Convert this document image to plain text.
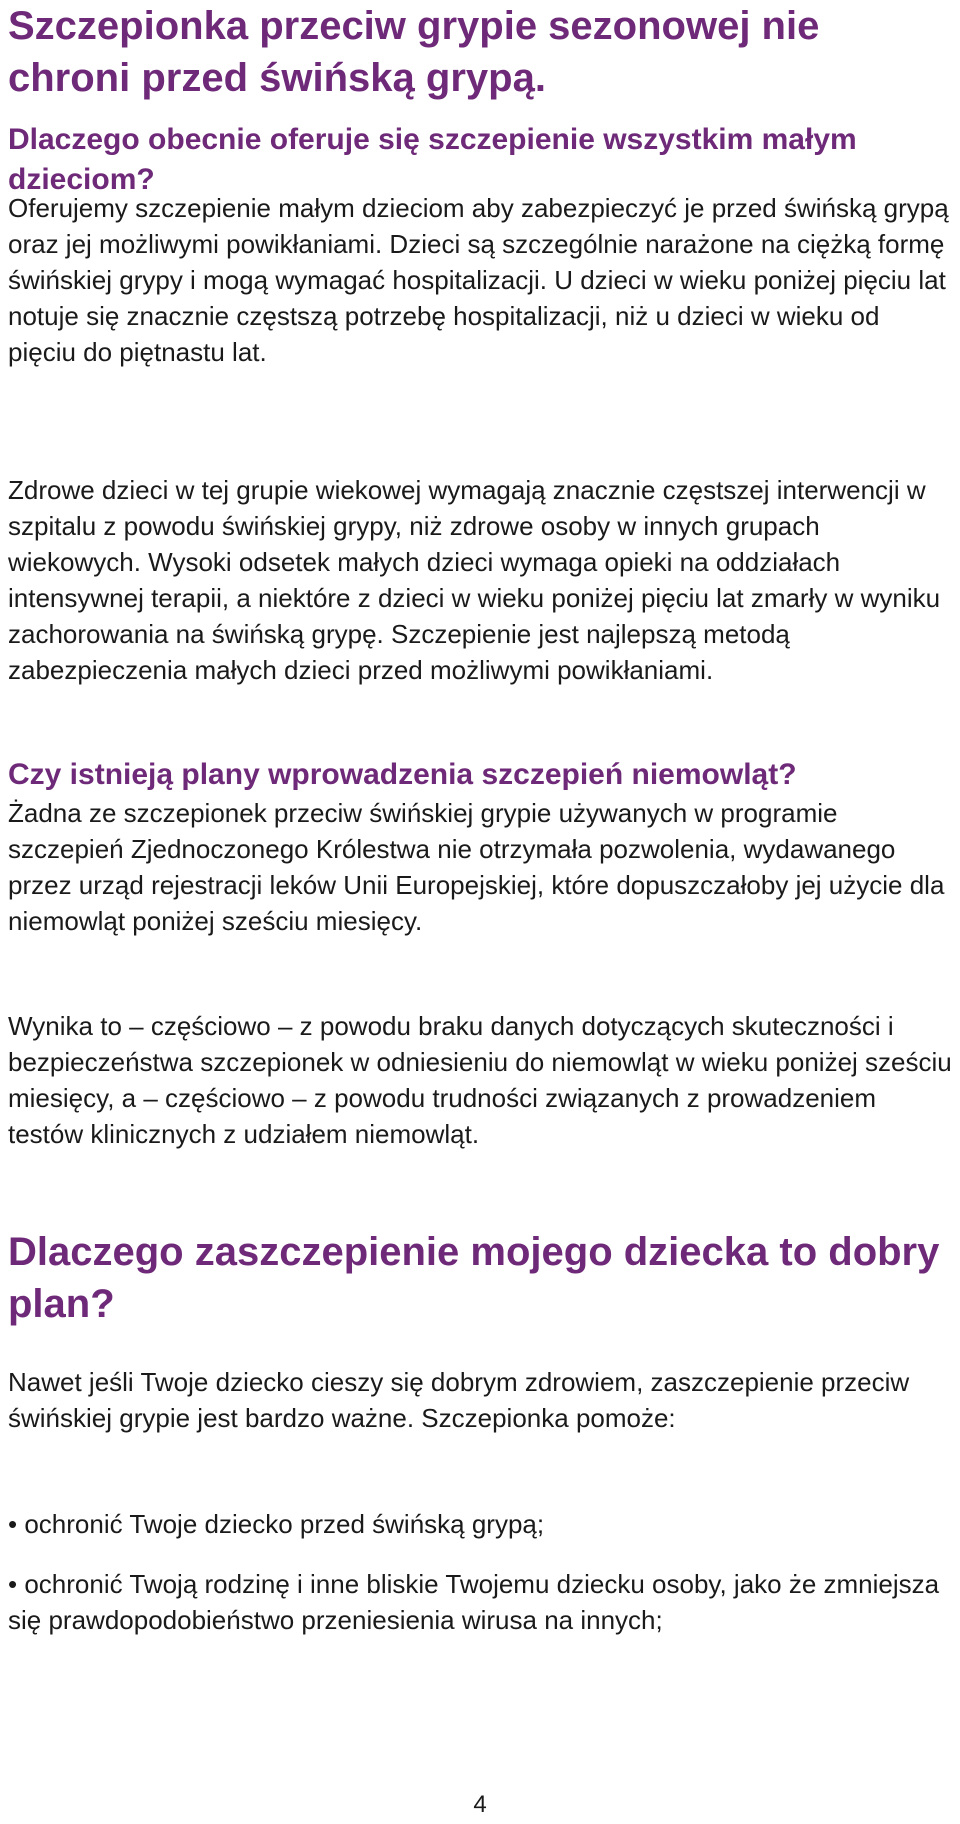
Szczepionka przeciw grypie sezonowej nie chroni przed świńską grypą.
Dlaczego obecnie oferuje się szczepienie wszystkim małym dzieciom?

Oferujemy szczepienie małym dzieciom aby zabezpieczyć je przed świńską grypą oraz jej możliwymi powikłaniami. Dzieci są szczególnie narażone na ciężką formę świńskiej grypy i mogą wymagać hospitalizacji. U dzieci w wieku poniżej pięciu lat notuje się znacznie częstszą potrzebę hospitalizacji, niż u dzieci w wieku od pięciu do piętnastu lat.

Zdrowe dzieci w tej grupie wiekowej wymagają znacznie częstszej interwencji w szpitalu z powodu świńskiej grypy, niż zdrowe osoby w innych grupach wiekowych. Wysoki odsetek małych dzieci wymaga opieki na oddziałach intensywnej terapii, a niektóre z dzieci w wieku poniżej pięciu lat zmarły w wyniku zachorowania na świńską grypę. Szczepienie jest najlepszą metodą zabezpieczenia małych dzieci przed możliwymi powikłaniami.

Czy istnieją plany wprowadzenia szczepień niemowląt?

Żadna ze szczepionek przeciw świńskiej grypie używanych w programie szczepień Zjednoczonego Królestwa nie otrzymała pozwolenia, wydawanego przez urząd rejestracji leków Unii Europejskiej, które dopuszczałoby jej użycie dla niemowląt poniżej sześciu miesięcy.

Wynika to – częściowo – z powodu braku danych dotyczących skuteczności i bezpieczeństwa szczepionek w odniesieniu do niemowląt w wieku poniżej sześciu miesięcy, a – częściowo – z powodu trudności związanych z prowadzeniem testów klinicznych z udziałem niemowląt.

Dlaczego zaszczepienie mojego dziecka to dobry plan?

Nawet jeśli Twoje dziecko cieszy się dobrym zdrowiem, zaszczepienie przeciw świńskiej grypie jest bardzo ważne. Szczepionka pomoże:

• ochronić Twoje dziecko przed świńską grypą;

• ochronić Twoją rodzinę i inne bliskie Twojemu dziecku osoby, jako że zmniejsza się prawdopodobieństwo przeniesienia wirusa na innych;

4
